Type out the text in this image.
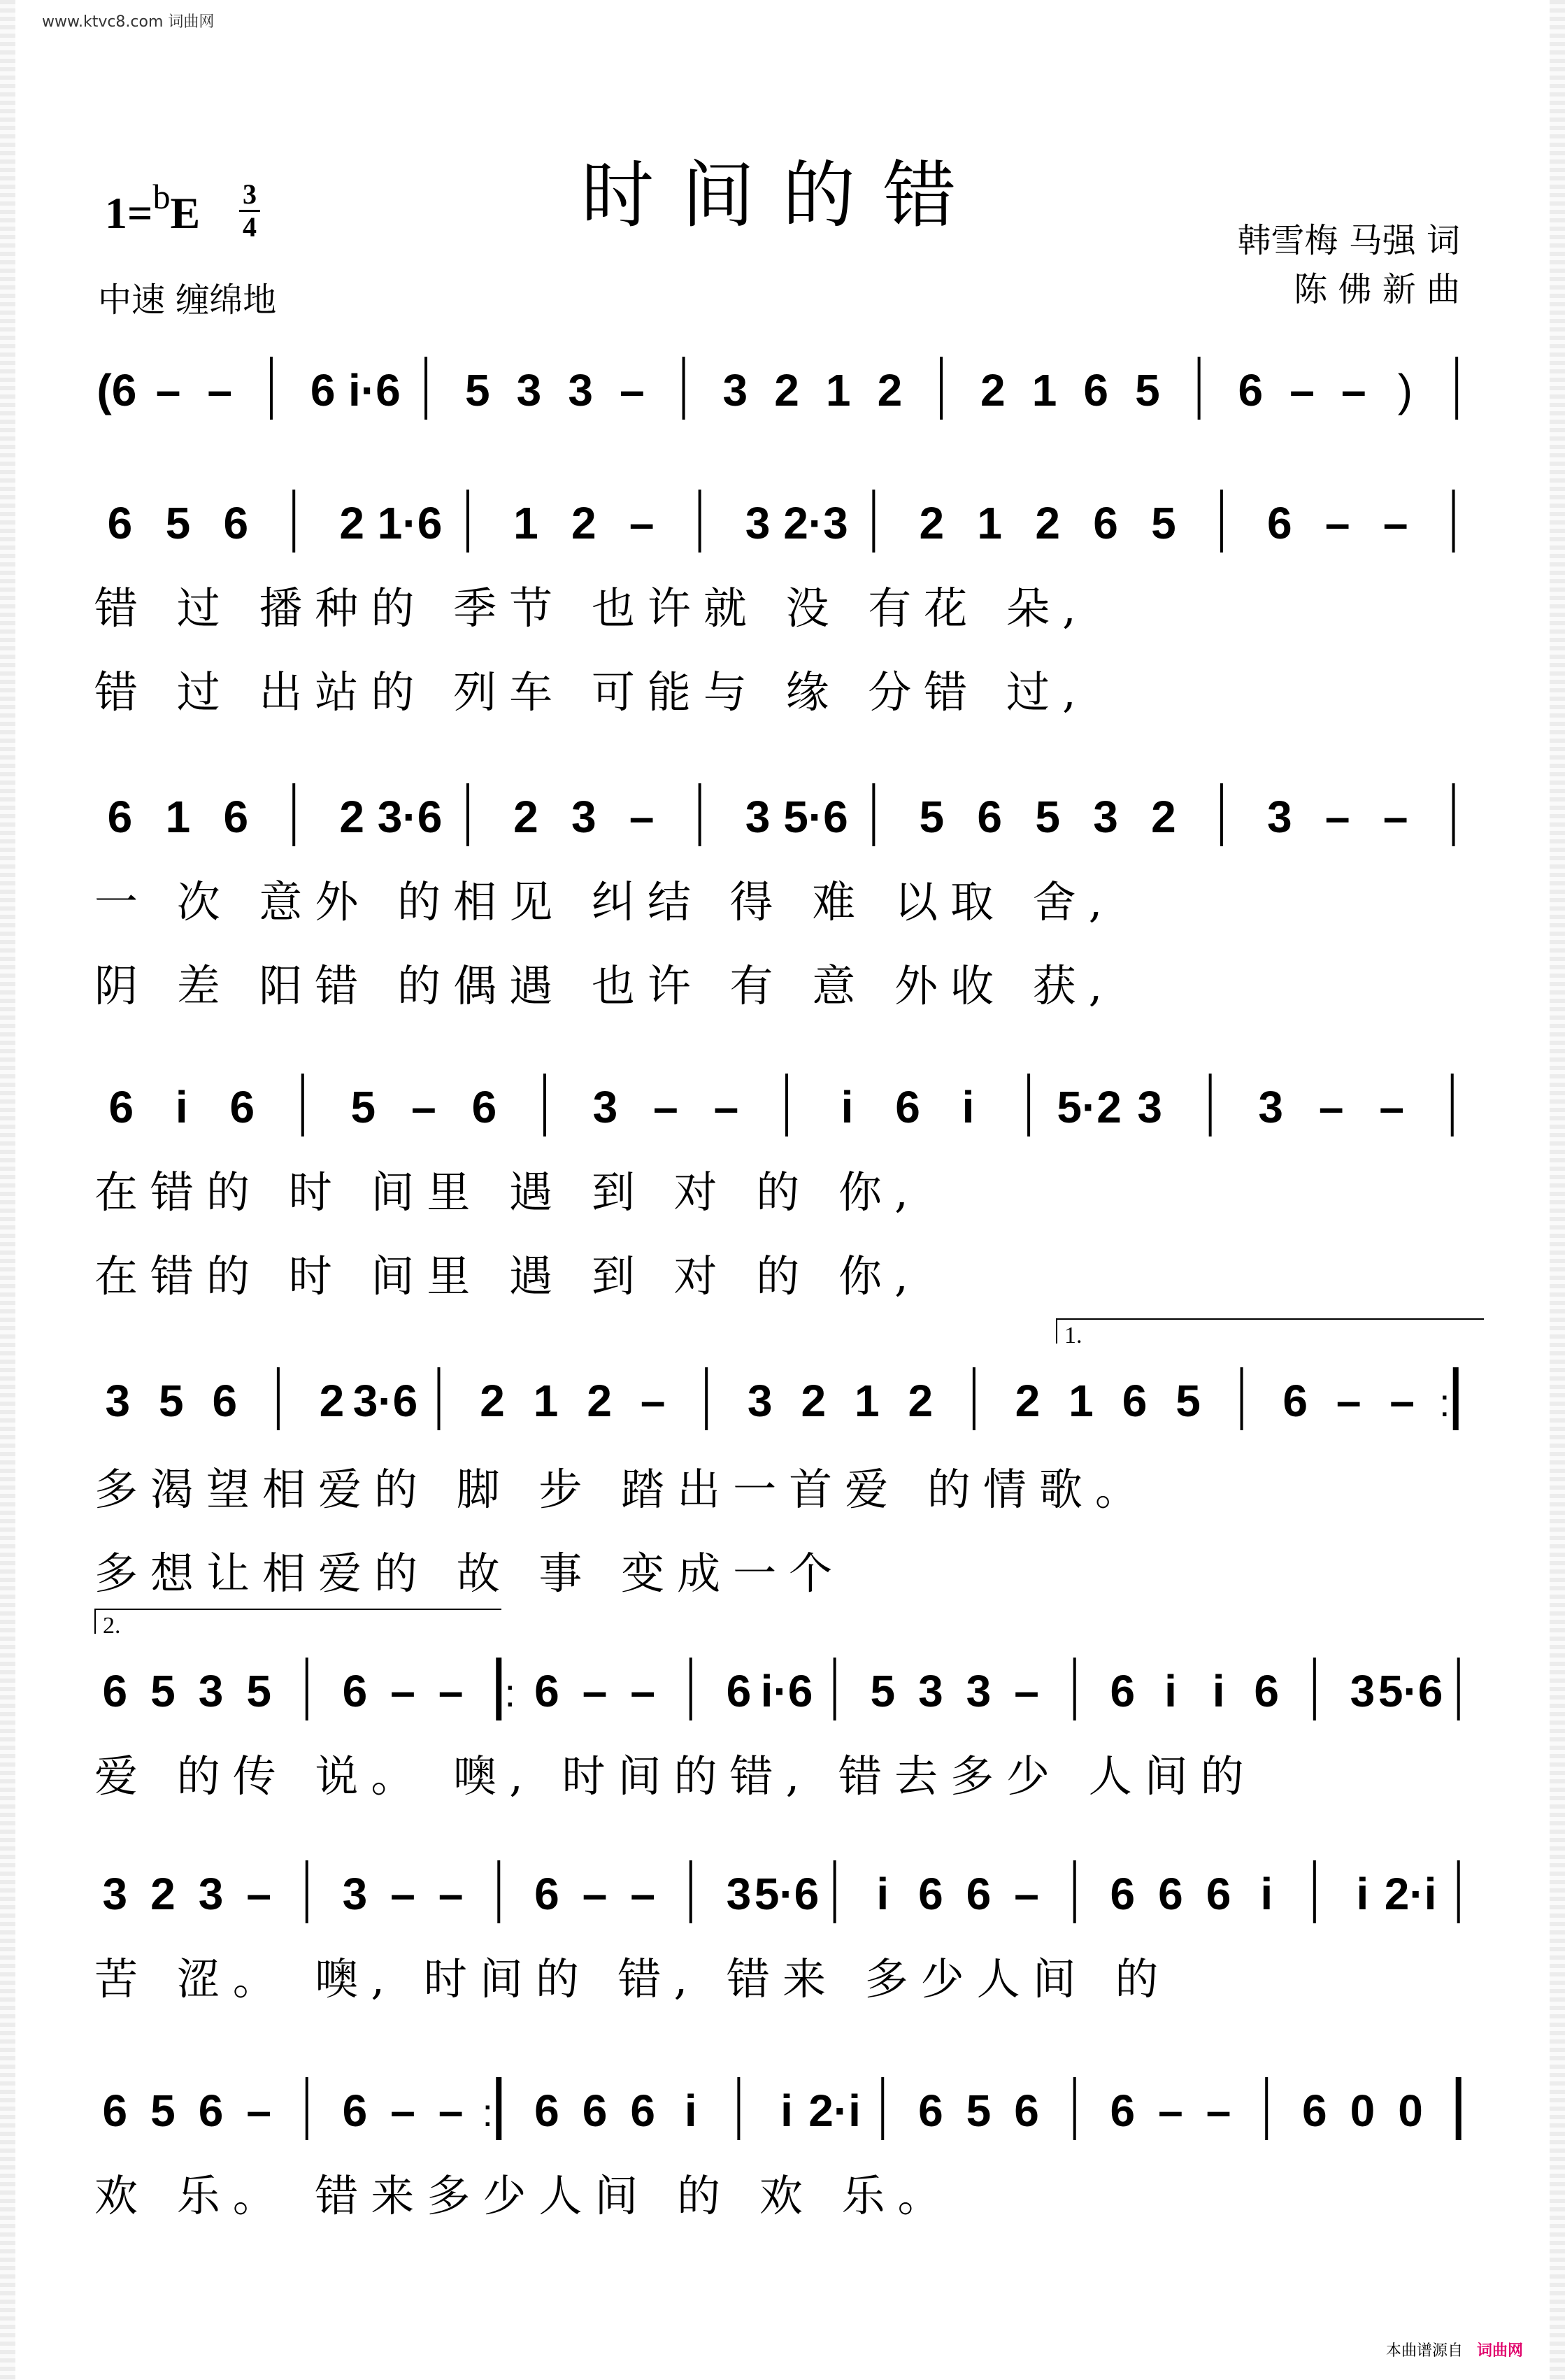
www.ktvc8.com 词曲网
时间的错
1=$^b$E 3
4
中速 缠绵地
韩雪梅 马强 词
陈 佛 新 曲
(6 – – 6 i·6 5 3 3 – 3 2 1 2 2 1 6 5 6 – – )
6 5 6 2 1·6 1 2 – 3 2·3 2 1 2 6 5 6 – –
错 过 播种的 季节 也许就 没 有花 朵,
错 过 出站的 列车 可能与 缘 分错 过,
6 1 6 2 3·6 2 3 – 3 5·6 5 6 5 3 2 3 – –
一 次 意外 的相见 纠结 得 难 以取 舍,
阴 差 阳错 的偶遇 也许 有 意 外收 获,
6 i 6 5 – 6 3 – – i 6 i 5·2 3 3 – –
在错的 时 间里 遇 到 对 的 你,
在错的 时 间里 遇 到 对 的 你,
1.
3 5 6 2 3·6 2 1 2 – 3 2 1 2 2 1 6 5 6 – – :
多渴望相爱的 脚 步 踏出一首爱 的情歌。
多想让相爱的 故 事 变成一个
2.
6 5 3 5 6 – – : 6 – – 6 i·6 5 3 3 – 6 i i 6 3 5·6
爱 的传 说。 噢, 时间的错, 错去多少 人间的
3 2 3 – 3 – – 6 – – 3 5·6 i 6 6 – 6 6 6 i i 2·i
苦 涩。 噢, 时间的 错, 错来 多少人间 的
6 5 6 – 6 – – : 6 6 6 i i 2·i 6 5 6 6 – – 6 0 0
欢 乐。 错来多少人间 的 欢 乐。
本曲谱源自 词曲网
